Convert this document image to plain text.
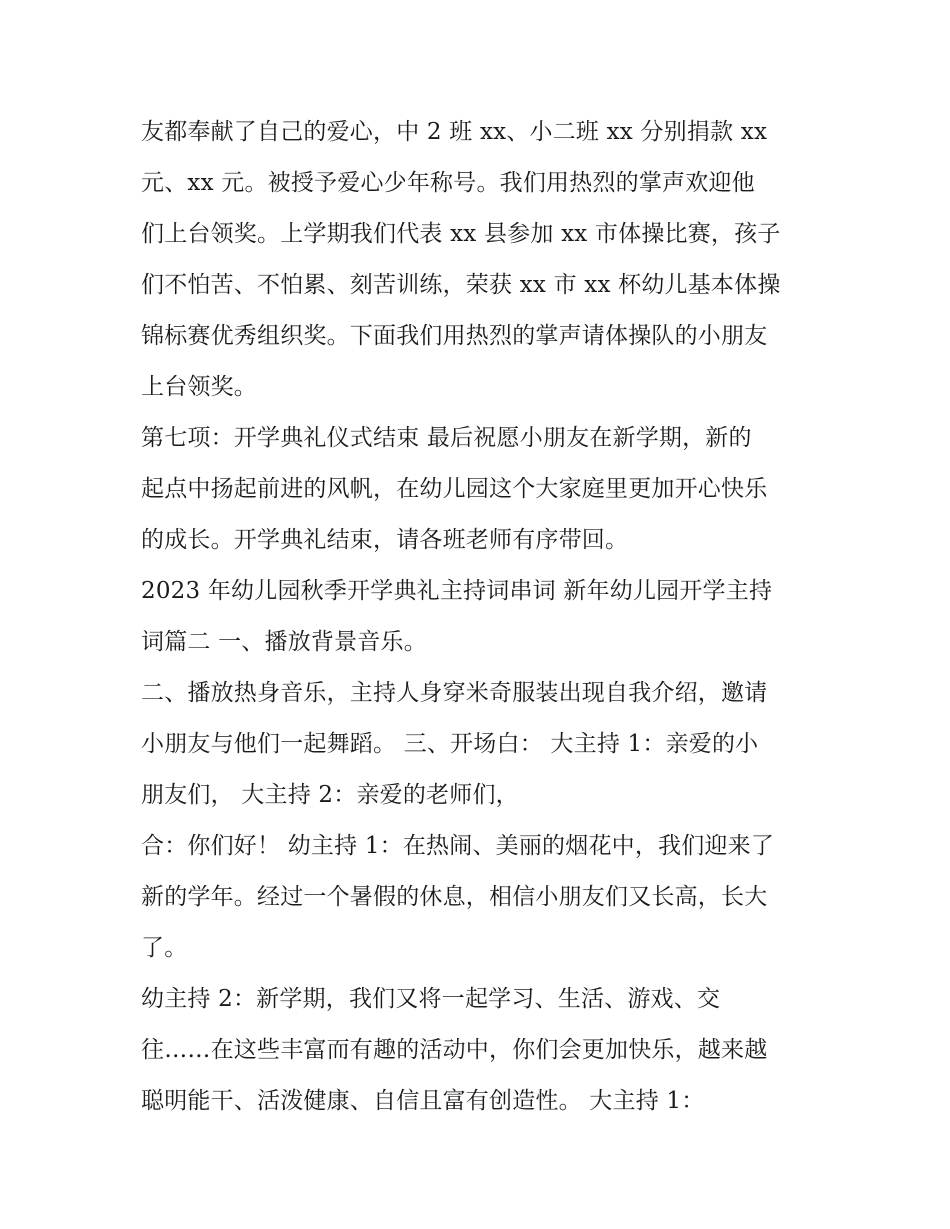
友都奉献了自己的爱心，中 2 班 xx、小二班 xx 分别捐款 xx
元、xx 元。被授予爱心少年称号。我们用热烈的掌声欢迎他
们上台领奖。上学期我们代表 xx 县参加 xx 市体操比赛，孩子
们不怕苦、不怕累、刻苦训练，荣获 xx 市 xx 杯幼儿基本体操
锦标赛优秀组织奖。下面我们用热烈的掌声请体操队的小朋友
上台领奖。
第七项：开学典礼仪式结束 最后祝愿小朋友在新学期，新的
起点中扬起前进的风帆，在幼儿园这个大家庭里更加开心快乐
的成长。开学典礼结束，请各班老师有序带回。
2023 年幼儿园秋季开学典礼主持词串词 新年幼儿园开学主持
词篇二 一、播放背景音乐。
二、播放热身音乐，主持人身穿米奇服装出现自我介绍，邀请
小朋友与他们一起舞蹈。 三、开场白： 大主持 1：亲爱的小
朋友们， 大主持 2：亲爱的老师们，
合：你们好！ 幼主持 1：在热闹、美丽的烟花中，我们迎来了
新的学年。经过一个暑假的休息，相信小朋友们又长高，长大
了。
幼主持 2：新学期，我们又将一起学习、生活、游戏、交
往……在这些丰富而有趣的活动中，你们会更加快乐，越来越
聪明能干、活泼健康、自信且富有创造性。 大主持 1：
